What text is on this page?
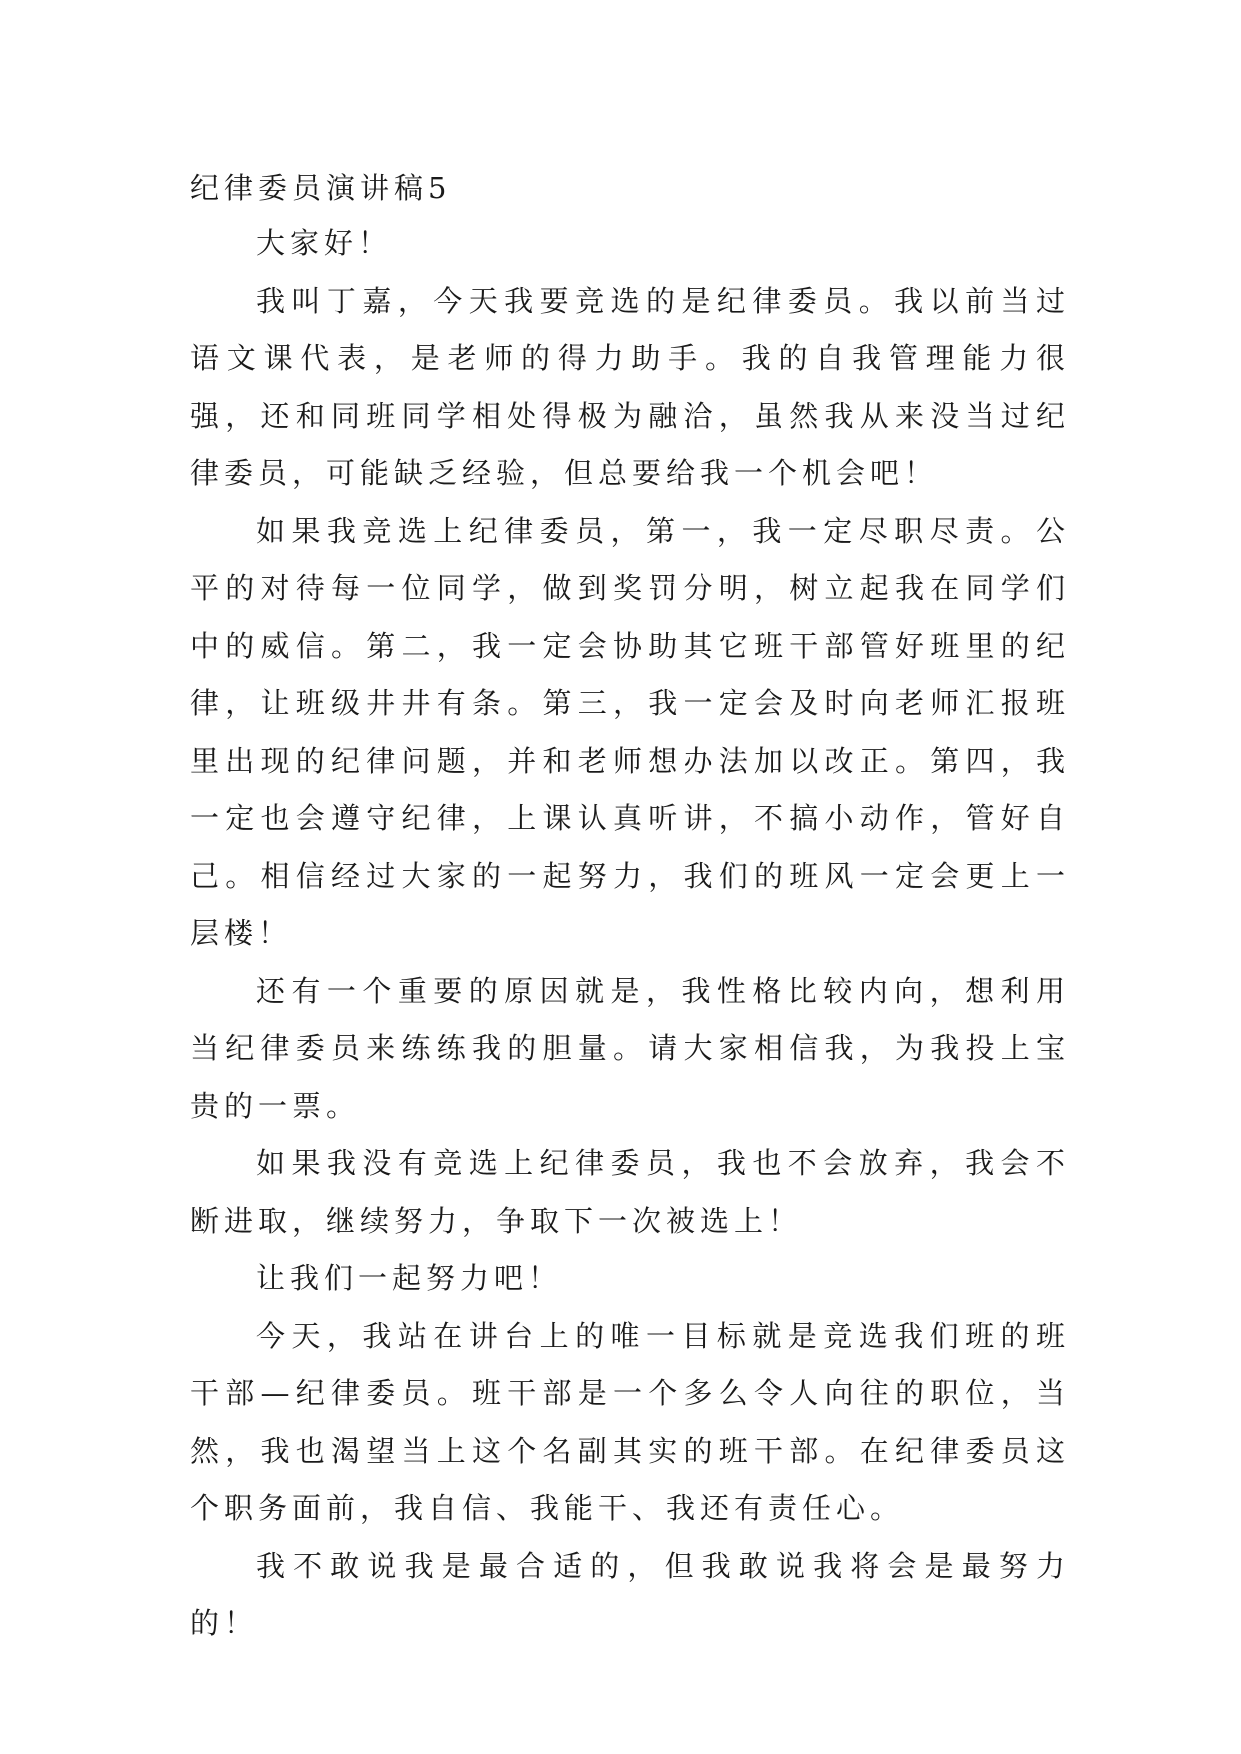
纪律委员演讲稿5

大家好！

我叫丁嘉，今天我要竞选的是纪律委员。我以前当过语文课代表，是老师的得力助手。我的自我管理能力很强，还和同班同学相处得极为融洽，虽然我从来没当过纪律委员，可能缺乏经验，但总要给我一个机会吧！

如果我竞选上纪律委员，第一，我一定尽职尽责。公平的对待每一位同学，做到奖罚分明，树立起我在同学们中的威信。第二，我一定会协助其它班干部管好班里的纪律，让班级井井有条。第三，我一定会及时向老师汇报班里出现的纪律问题，并和老师想办法加以改正。第四，我一定也会遵守纪律，上课认真听讲，不搞小动作，管好自己。相信经过大家的一起努力，我们的班风一定会更上一层楼！

还有一个重要的原因就是，我性格比较内向，想利用当纪律委员来练练我的胆量。请大家相信我，为我投上宝贵的一票。

如果我没有竞选上纪律委员，我也不会放弃，我会不断进取，继续努力，争取下一次被选上！

让我们一起努力吧！

今天，我站在讲台上的唯一目标就是竞选我们班的班干部—纪律委员。班干部是一个多么令人向往的职位，当然，我也渴望当上这个名副其实的班干部。在纪律委员这个职务面前，我自信、我能干、我还有责任心。

我不敢说我是最合适的，但我敢说我将会是最努力的！
